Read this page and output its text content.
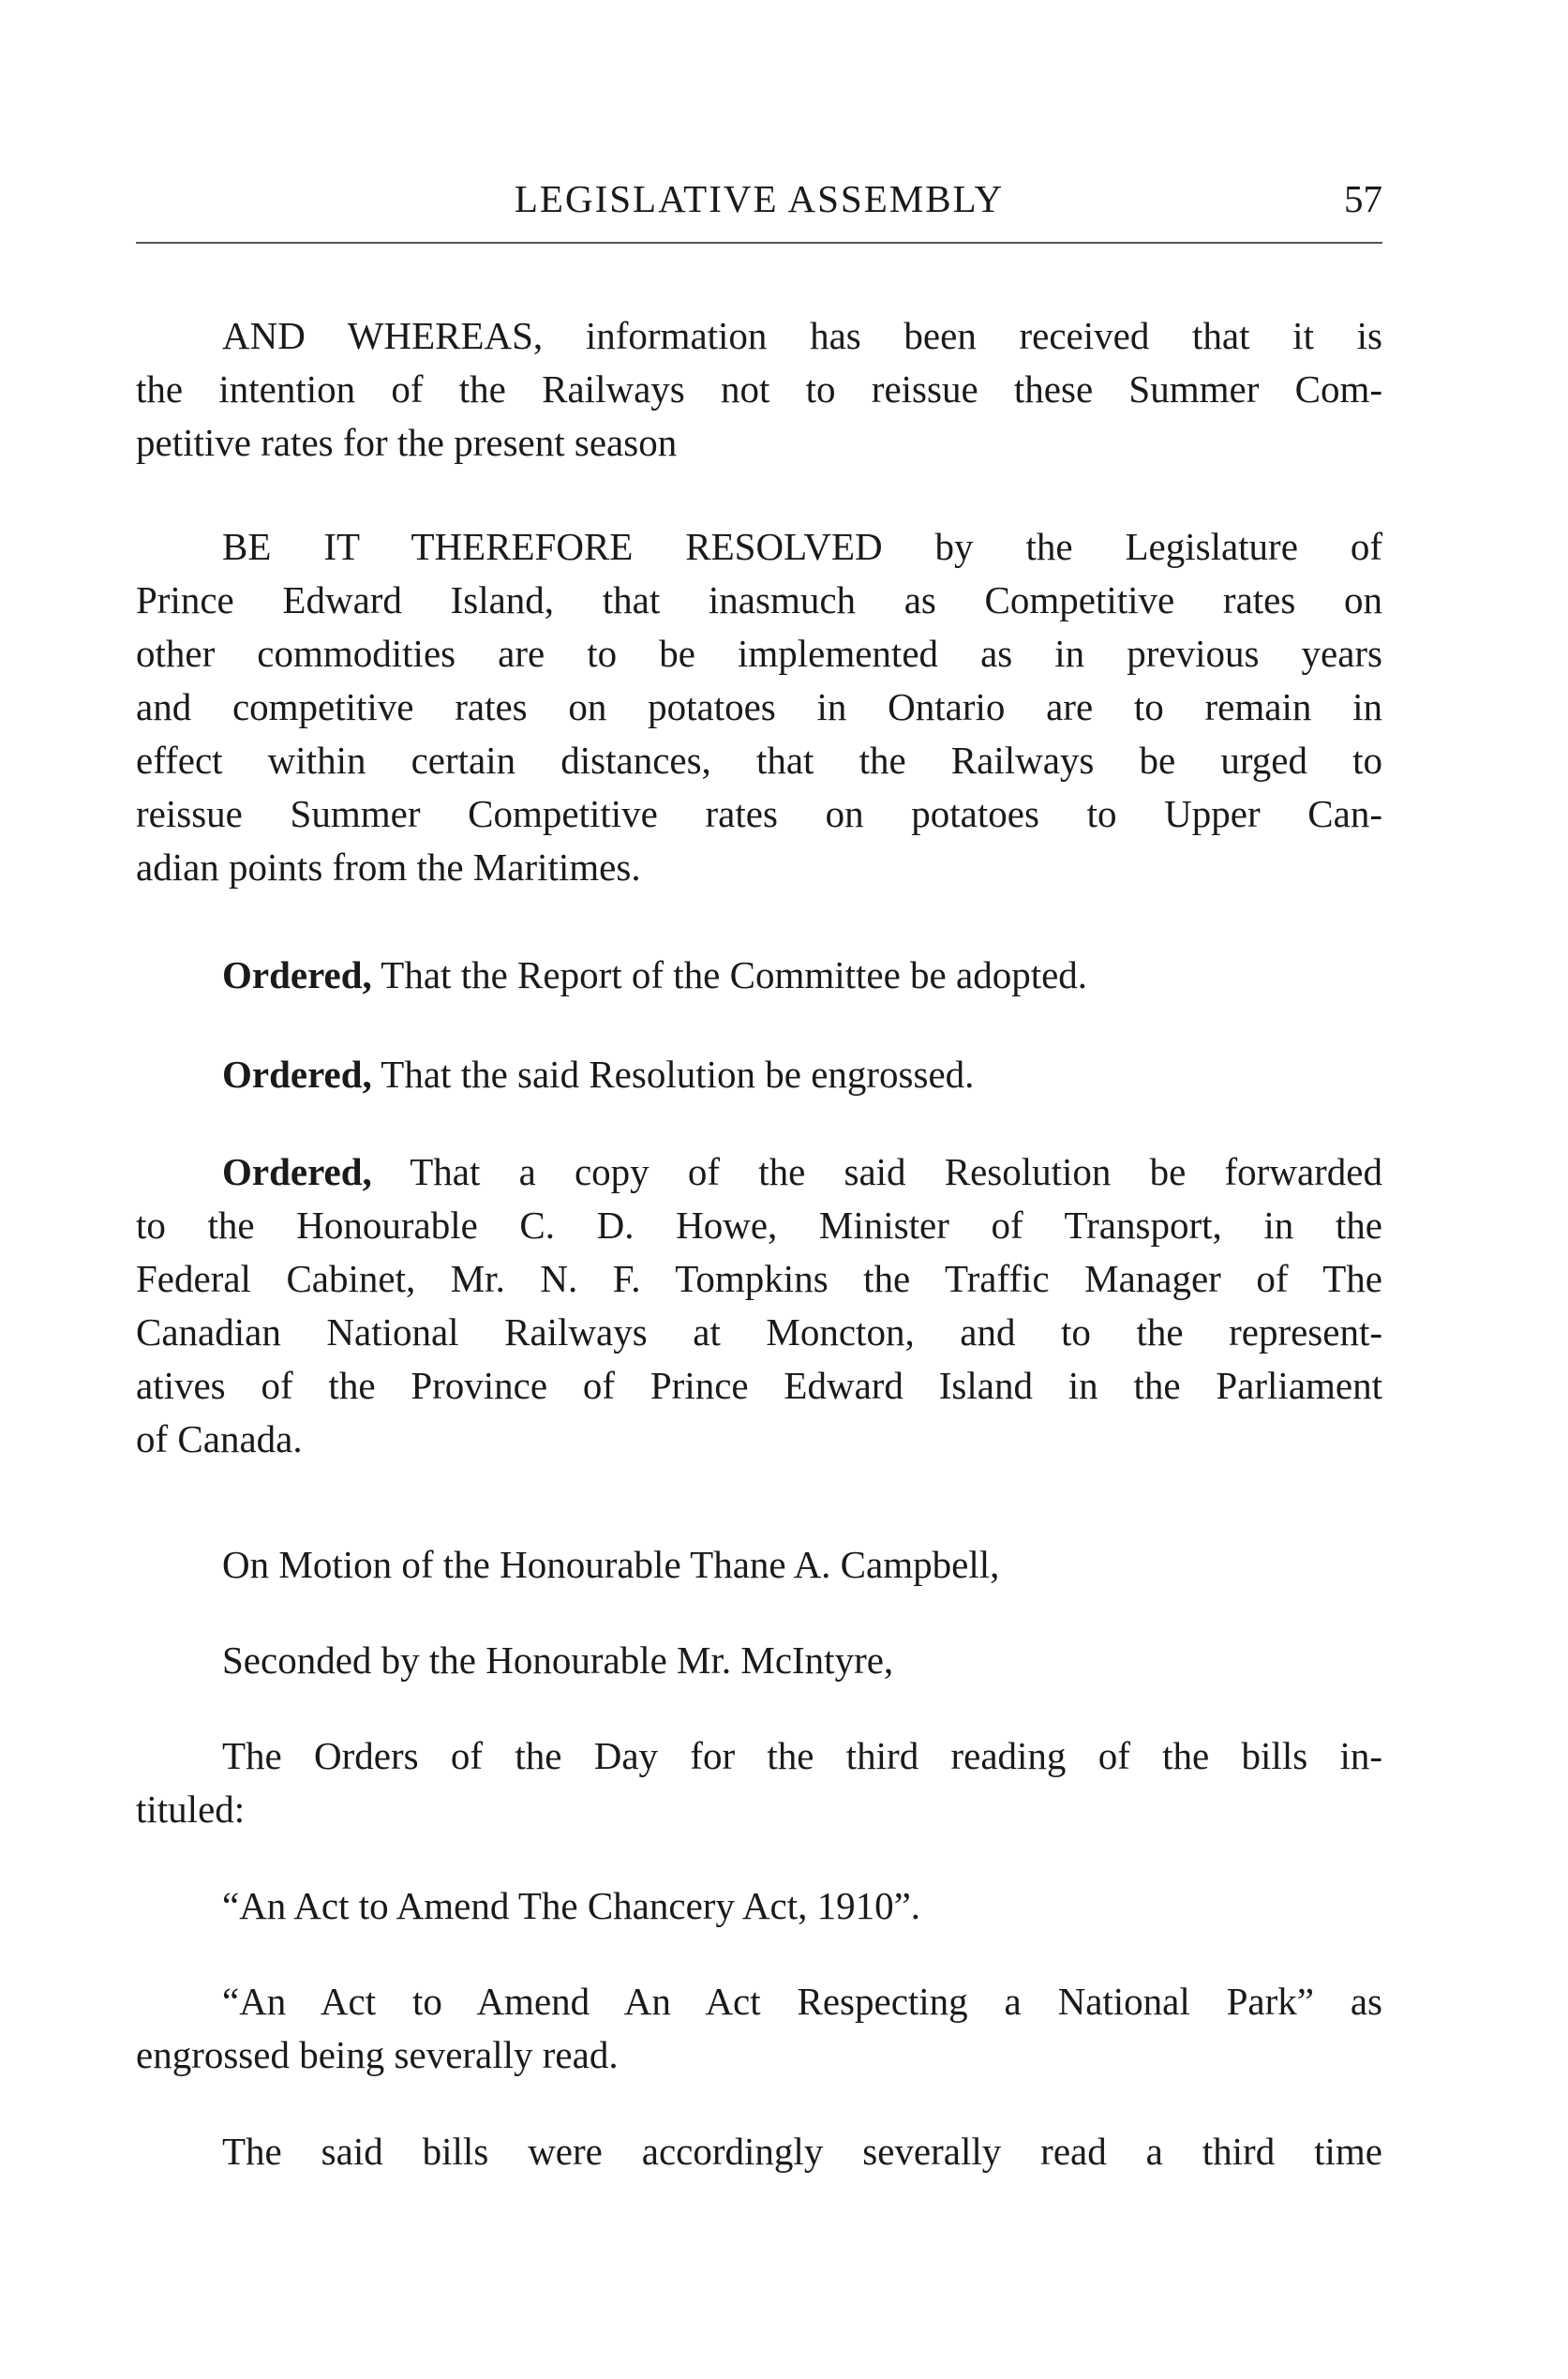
LEGISLATIVE ASSEMBLY	57
AND WHEREAS, information has been received that it is
the intention of the Railways not to reissue these Summer Com-
petitive rates for the present season
BE IT THEREFORE RESOLVED by the Legislature of
Prince Edward Island, that inasmuch as Competitive rates on
other commodities are to be implemented as in previous years
and competitive rates on potatoes in Ontario are to remain in
effect within certain distances, that the Railways be urged to
reissue Summer Competitive rates on potatoes to Upper Can-
adian points from the Maritimes.
Ordered, That the Report of the Committee be adopted.
Ordered, That the said Resolution be engrossed.
Ordered, That a copy of the said Resolution be forwarded
to the Honourable C. D. Howe, Minister of Transport, in the
Federal Cabinet, Mr. N. F. Tompkins the Traffic Manager of The
Canadian National Railways at Moncton, and to the represent-
atives of the Province of Prince Edward Island in the Parliament
of Canada.
On Motion of the Honourable Thane A. Campbell,
Seconded by the Honourable Mr. McIntyre,
The Orders of the Day for the third reading of the bills in-
tituled:
“An Act to Amend The Chancery Act, 1910”.
“An Act to Amend An Act Respecting a National Park” as
engrossed being severally read.
The said bills were accordingly severally read a third time
